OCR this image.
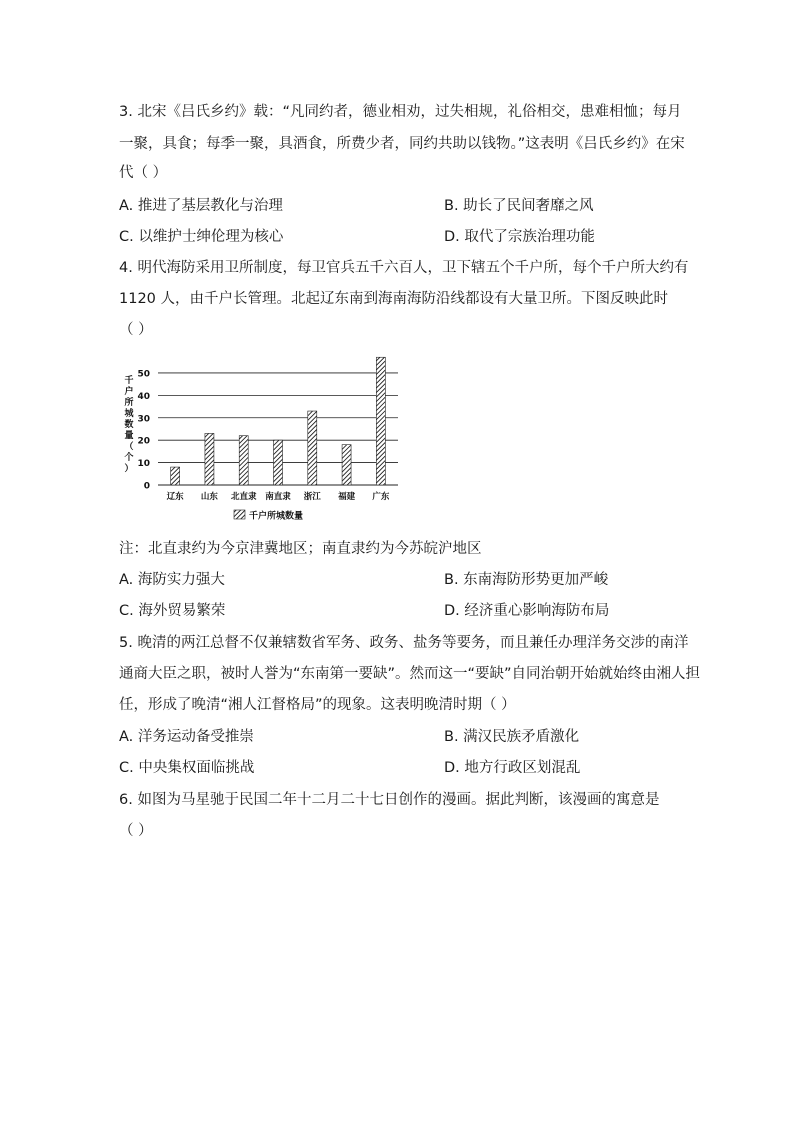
3. 北宋《吕氏乡约》载：“凡同约者，德业相劝，过失相规，礼俗相交，患难相恤；每月
一聚，具食；每季一聚，具酒食，所费少者，同约共助以钱物。”这表明《吕氏乡约》在宋
代（ ）
A. 推进了基层教化与治理	B. 助长了民间奢靡之风
C. 以维护士绅伦理为核心	D. 取代了宗族治理功能
4. 明代海防采用卫所制度，每卫官兵五千六百人，卫下辖五个千户所，每个千户所大约有
1120 人，由千户长管理。北起辽东南到海南海防沿线都设有大量卫所。下图反映此时
（ ）
0
10
20
30
40
50
辽东 山东 北直隶 南直隶 浙江 福建 广东
千户所城数量（个）
千户所城数量
注：北直隶约为今京津冀地区；南直隶约为今苏皖沪地区
A. 海防实力强大	B. 东南海防形势更加严峻
C. 海外贸易繁荣	D. 经济重心影响海防布局
5. 晚清的两江总督不仅兼辖数省军务、政务、盐务等要务，而且兼任办理洋务交涉的南洋
通商大臣之职，被时人誉为“东南第一要缺”。然而这一“要缺”自同治朝开始就始终由湘人担
任，形成了晚清“湘人江督格局”的现象。这表明晚清时期（ ）
A. 洋务运动备受推崇	B. 满汉民族矛盾激化
C. 中央集权面临挑战	D. 地方行政区划混乱
6. 如图为马星驰于民国二年十二月二十七日创作的漫画。据此判断，该漫画的寓意是
（ ）
